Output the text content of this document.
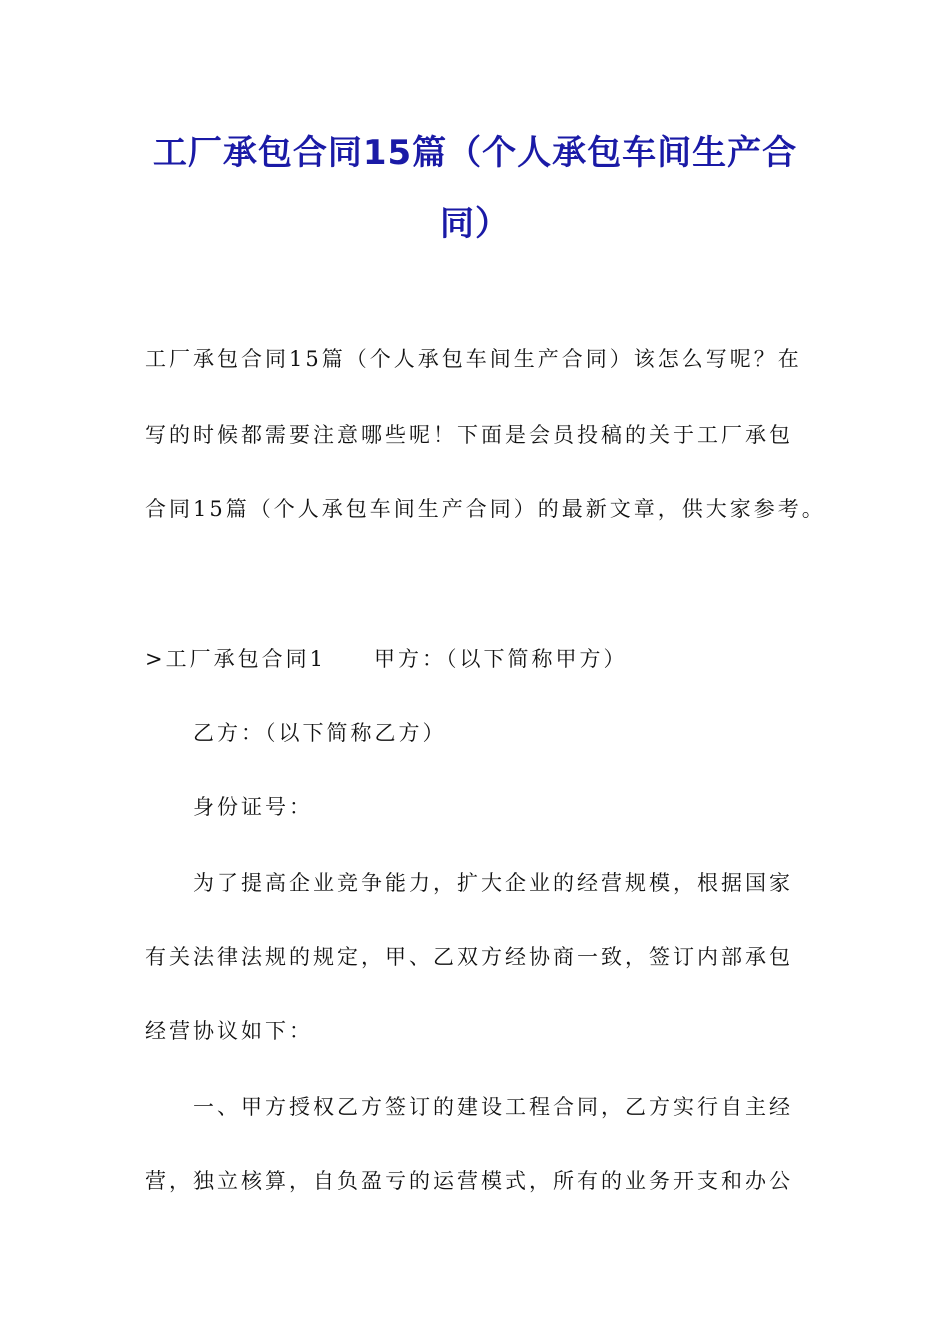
工厂承包合同15篇（个人承包车间生产合
同）
工厂承包合同15篇（个人承包车间生产合同）该怎么写呢？在
写的时候都需要注意哪些呢！下面是会员投稿的关于工厂承包
合同15篇（个人承包车间生产合同）的最新文章，供大家参考。
>工厂承包合同1 甲方：（以下简称甲方）
乙方：（以下简称乙方）
身份证号：
为了提高企业竞争能力，扩大企业的经营规模，根据国家
有关法律法规的规定，甲、乙双方经协商一致，签订内部承包
经营协议如下：
一、甲方授权乙方签订的建设工程合同，乙方实行自主经
营，独立核算，自负盈亏的运营模式，所有的业务开支和办公
